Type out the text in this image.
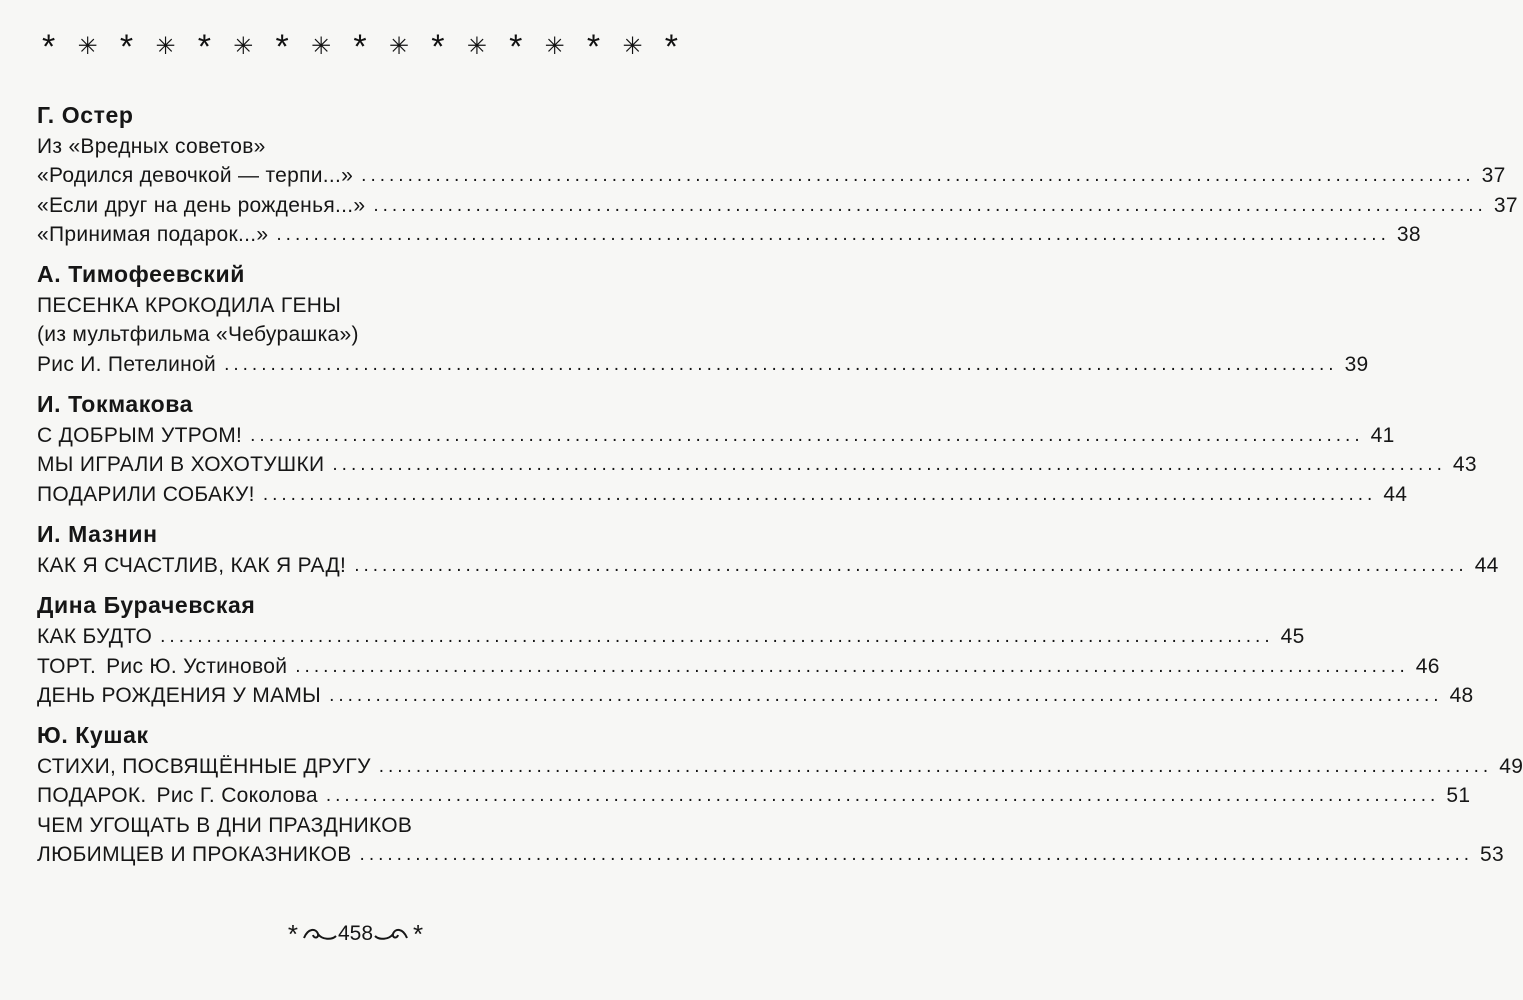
* ✳ * ✳ * ✳ * ✳ * ✳ * ✳ * ✳ * ✳ *
Г. Остер
Из «Вредных советов»
«Родился девочкой — терпи...» ........................................................................................................................ 37
«Если друг на день рожденья...» ........................................................................................................................ 37
«Принимая подарок...» ........................................................................................................................ 38
А. Тимофеевский
ПЕСЕНКА КРОКОДИЛА ГЕНЫ
(из мультфильма «Чебурашка»)
Рис И. Петелиной ........................................................................................................................ 39
И. Токмакова
С ДОБРЫМ УТРОМ! ........................................................................................................................ 41
МЫ ИГРАЛИ В ХОХОТУШКИ ........................................................................................................................ 43
ПОДАРИЛИ СОБАКУ! ........................................................................................................................ 44
И. Мазнин
КАК Я СЧАСТЛИВ, КАК Я РАД! ........................................................................................................................ 44
Дина Бурачевская
КАК БУДТО ........................................................................................................................ 45
ТОРТ. Рис Ю. Устиновой ........................................................................................................................ 46
ДЕНЬ РОЖДЕНИЯ У МАМЫ ........................................................................................................................ 48
Ю. Кушак
СТИХИ, ПОСВЯЩЁННЫЕ ДРУГУ ........................................................................................................................ 49
ПОДАРОК. Рис Г. Соколова ........................................................................................................................ 51
ЧЕМ УГОЩАТЬ В ДНИ ПРАЗДНИКОВ
ЛЮБИМЦЕВ И ПРОКАЗНИКОВ ........................................................................................................................ 53
* 458 *
